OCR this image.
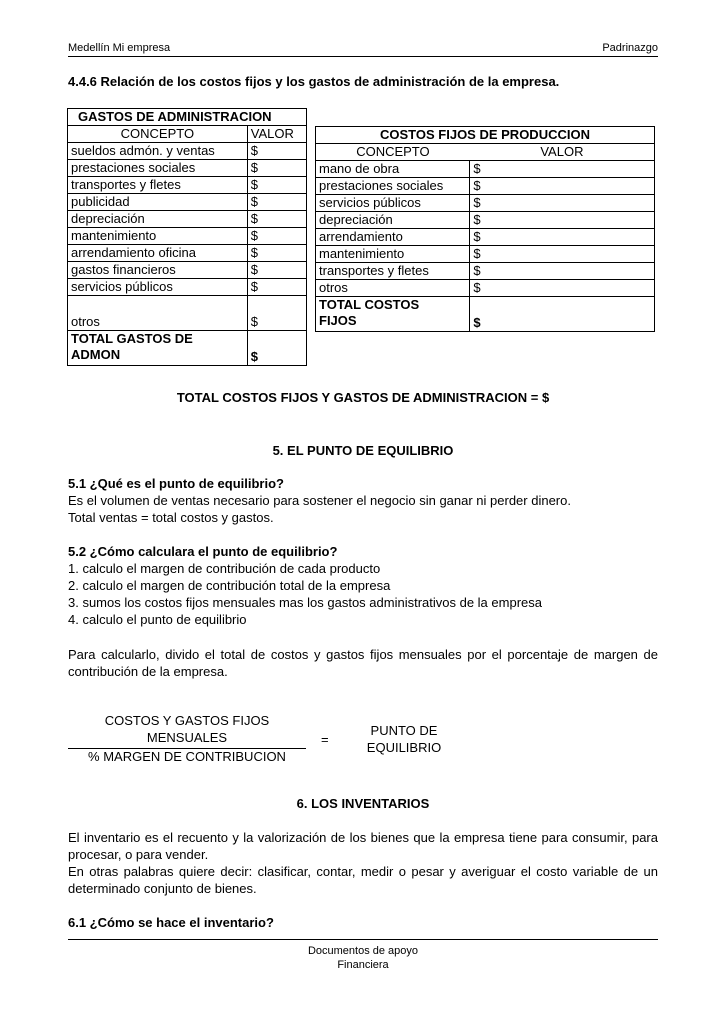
Medellín Mi empresa	Padrinazgo
4.4.6 Relación de los costos fijos y los gastos de administración de la empresa.
GASTOS DE ADMINISTRACION	
CONCEPTO	VALOR
sueldos admón. y ventas	$
prestaciones sociales	$
transportes y fletes	$
publicidad	$
depreciación	$
mantenimiento	$
arrendamiento oficina	$
gastos financieros	$
servicios públicos	$
otros	$

TOTAL GASTOS DE
ADMON	$
COSTOS FIJOS DE PRODUCCION	
CONCEPTO	VALOR
mano de obra	$
prestaciones sociales	$
servicios públicos	$
depreciación	$
arrendamiento	$
mantenimiento	$
transportes y fletes	$
otros	$

TOTAL COSTOS
FIJOS	$
TOTAL COSTOS FIJOS Y GASTOS DE ADMINISTRACION = $
5. EL PUNTO DE EQUILIBRIO
5.1 ¿Qué es el punto de equilibrio?
Es el volumen de ventas necesario para sostener el negocio sin ganar ni perder dinero.
Total ventas = total costos y gastos.
5.2 ¿Cómo calculara el punto de equilibrio?
1. calculo el margen de contribución de cada producto
2. calculo el margen de contribución total de la empresa
3. sumos los costos fijos mensuales mas los gastos administrativos de la empresa
4. calculo el punto de equilibrio
Para calcularlo, divido el total de costos y gastos fijos mensuales por el porcentaje de margen de contribución de la empresa.
COSTOS Y GASTOS FIJOS
MENSUALES
% MARGEN DE CONTRIBUCION
=
PUNTO DE
EQUILIBRIO
6. LOS INVENTARIOS
El inventario es el recuento y la valorización de los bienes que la empresa tiene para consumir, para procesar, o para vender.
En otras palabras quiere decir: clasificar, contar, medir o pesar y averiguar el costo variable de un determinado conjunto de bienes.
6.1 ¿Cómo se hace el inventario?
Documentos de apoyo
Financiera
